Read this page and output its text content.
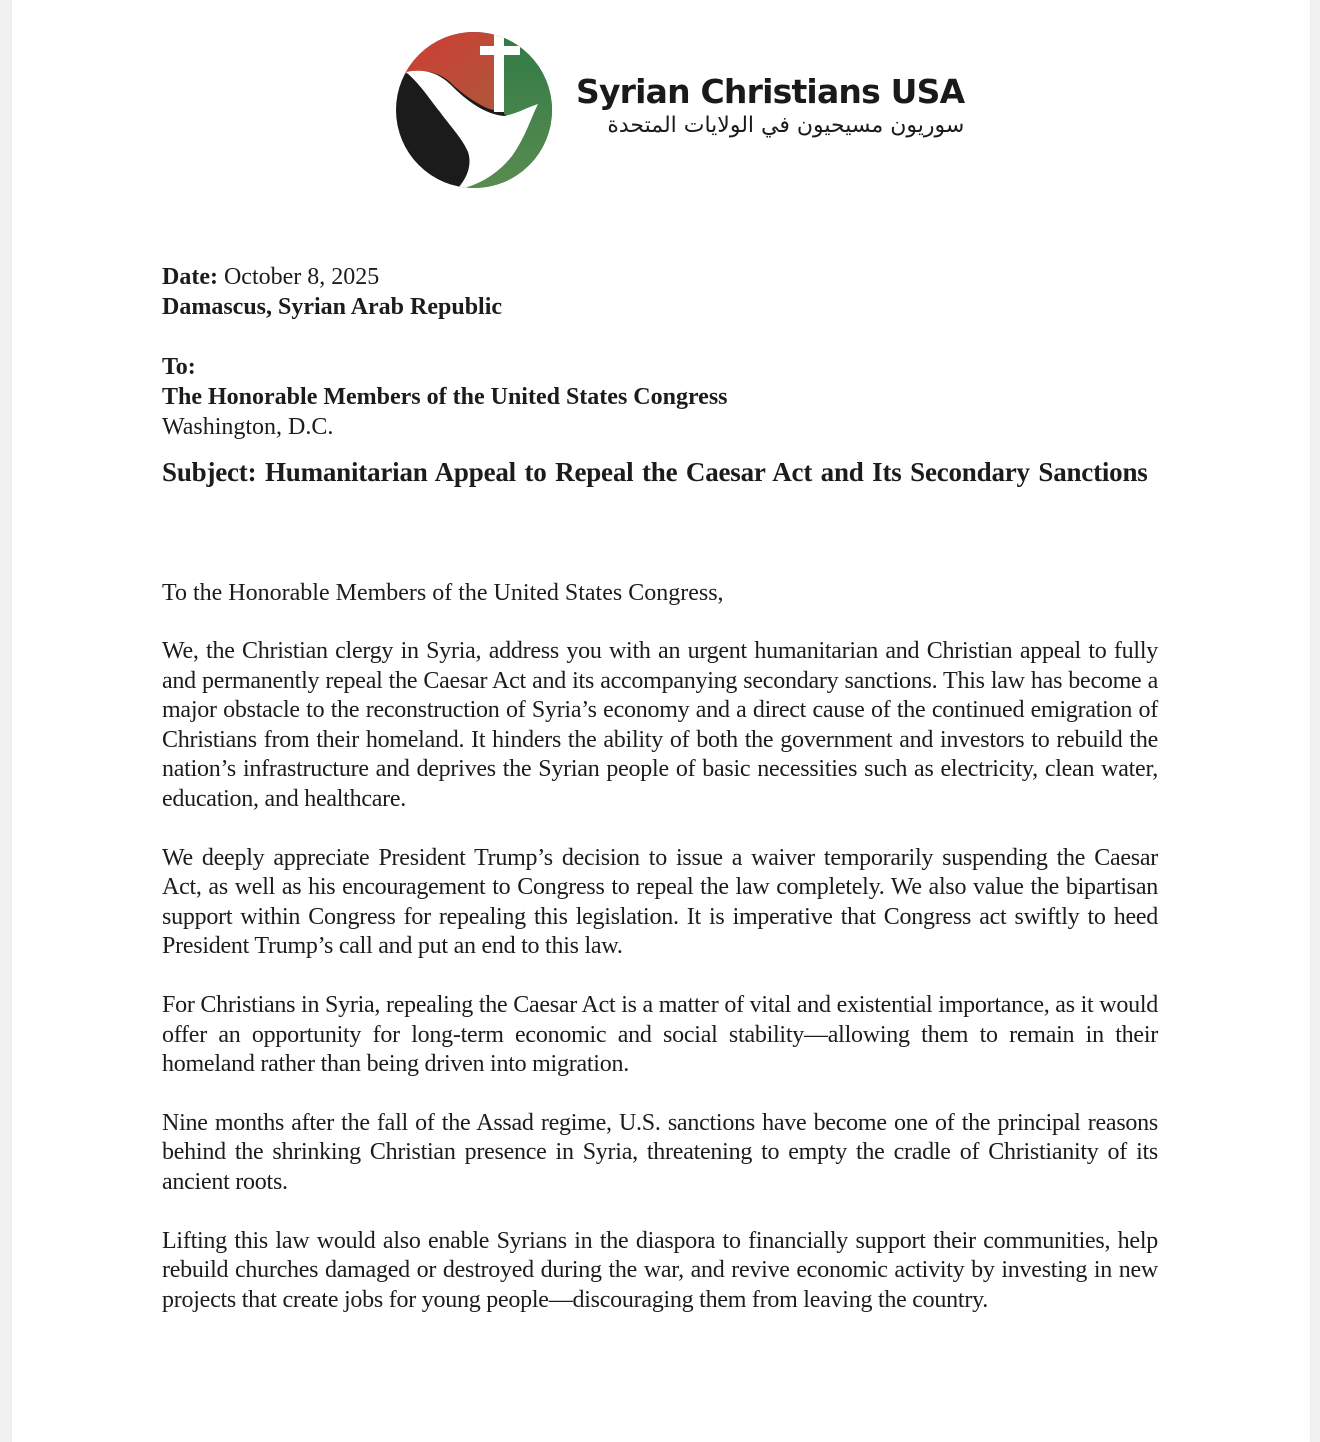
Syrian Christians USA
سوريون مسيحيون في الولايات المتحدة
Date: October 8, 2025
Damascus, Syrian Arab Republic
To:
The Honorable Members of the United States Congress
Washington, D.C.
Subject: Humanitarian Appeal to Repeal the Caesar Act and Its Secondary Sanctions
To the Honorable Members of the United States Congress,

We, the Christian clergy in Syria, address you with an urgent humanitarian and Christian appeal to fully and permanently repeal the Caesar Act and its accompanying secondary sanctions. This law has become a major obstacle to the reconstruction of Syria’s economy and a direct cause of the continued emigration of Christians from their homeland. It hinders the ability of both the government and investors to rebuild the nation’s infrastructure and deprives the Syrian people of basic necessities such as electricity, clean water, education, and healthcare.

We deeply appreciate President Trump’s decision to issue a waiver temporarily suspending the Caesar Act, as well as his encouragement to Congress to repeal the law completely. We also value the bipartisan support within Congress for repealing this legislation. It is imperative that Congress act swiftly to heed President Trump’s call and put an end to this law.

For Christians in Syria, repealing the Caesar Act is a matter of vital and existential importance, as it would offer an opportunity for long-term economic and social stability—allowing them to remain in their homeland rather than being driven into migration.

Nine months after the fall of the Assad regime, U.S. sanctions have become one of the principal reasons behind the shrinking Christian presence in Syria, threatening to empty the cradle of Christianity of its ancient roots.

Lifting this law would also enable Syrians in the diaspora to financially support their communities, help rebuild churches damaged or destroyed during the war, and revive economic activity by investing in new projects that create jobs for young people—discouraging them from leaving the country.
